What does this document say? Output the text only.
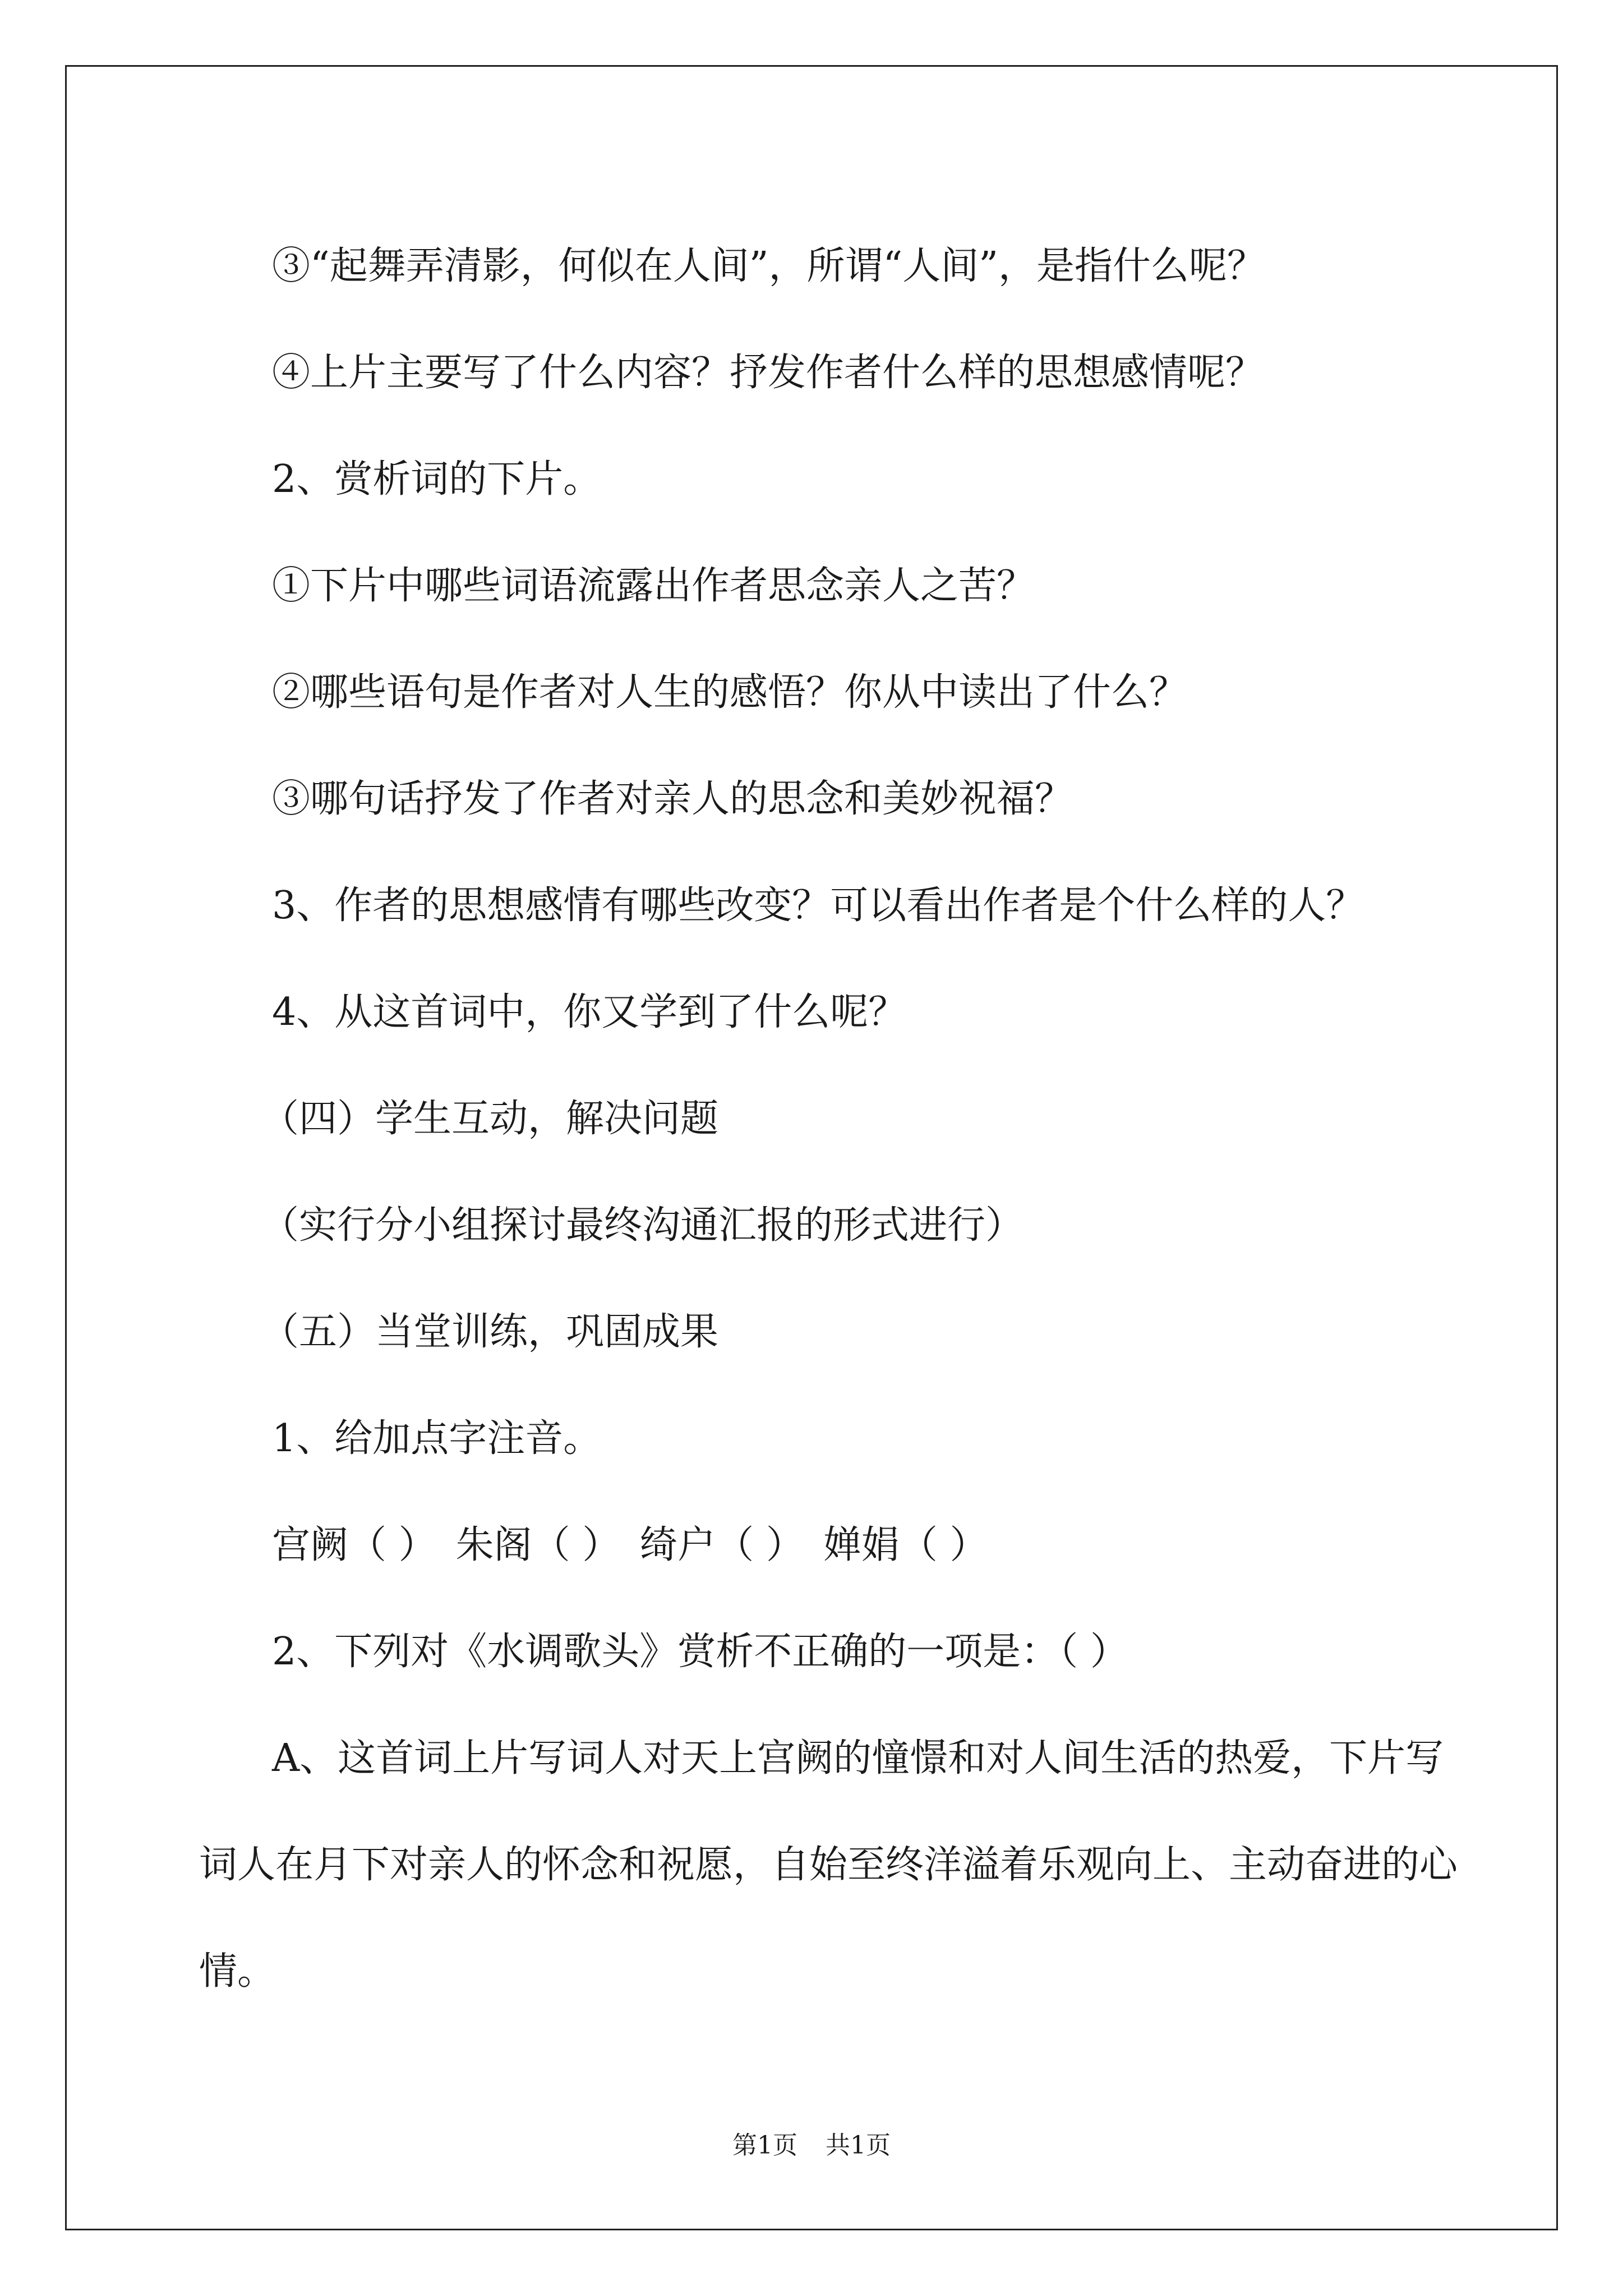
③“起舞弄清影，何似在人间”，所谓“人间”，是指什么呢？

④上片主要写了什么内容？抒发作者什么样的思想感情呢？

2、赏析词的下片。

①下片中哪些词语流露出作者思念亲人之苦？

②哪些语句是作者对人生的感悟？你从中读出了什么？

③哪句话抒发了作者对亲人的思念和美妙祝福？

3、作者的思想感情有哪些改变？可以看出作者是个什么样的人？

4、从这首词中，你又学到了什么呢？

（四）学生互动，解决问题

（实行分小组探讨最终沟通汇报的形式进行）

（五）当堂训练，巩固成果

1、给加点字注音。

宫阙（ ）　朱阁（ ）　绮户（ ）　婵娟（ ）

2、下列对《水调歌头》赏析不正确的一项是：（ ）

A、这首词上片写词人对天上宫阙的憧憬和对人间生活的热爱，下片写词人在月下对亲人的怀念和祝愿，自始至终洋溢着乐观向上、主动奋进的心情。

第1页 共1页
